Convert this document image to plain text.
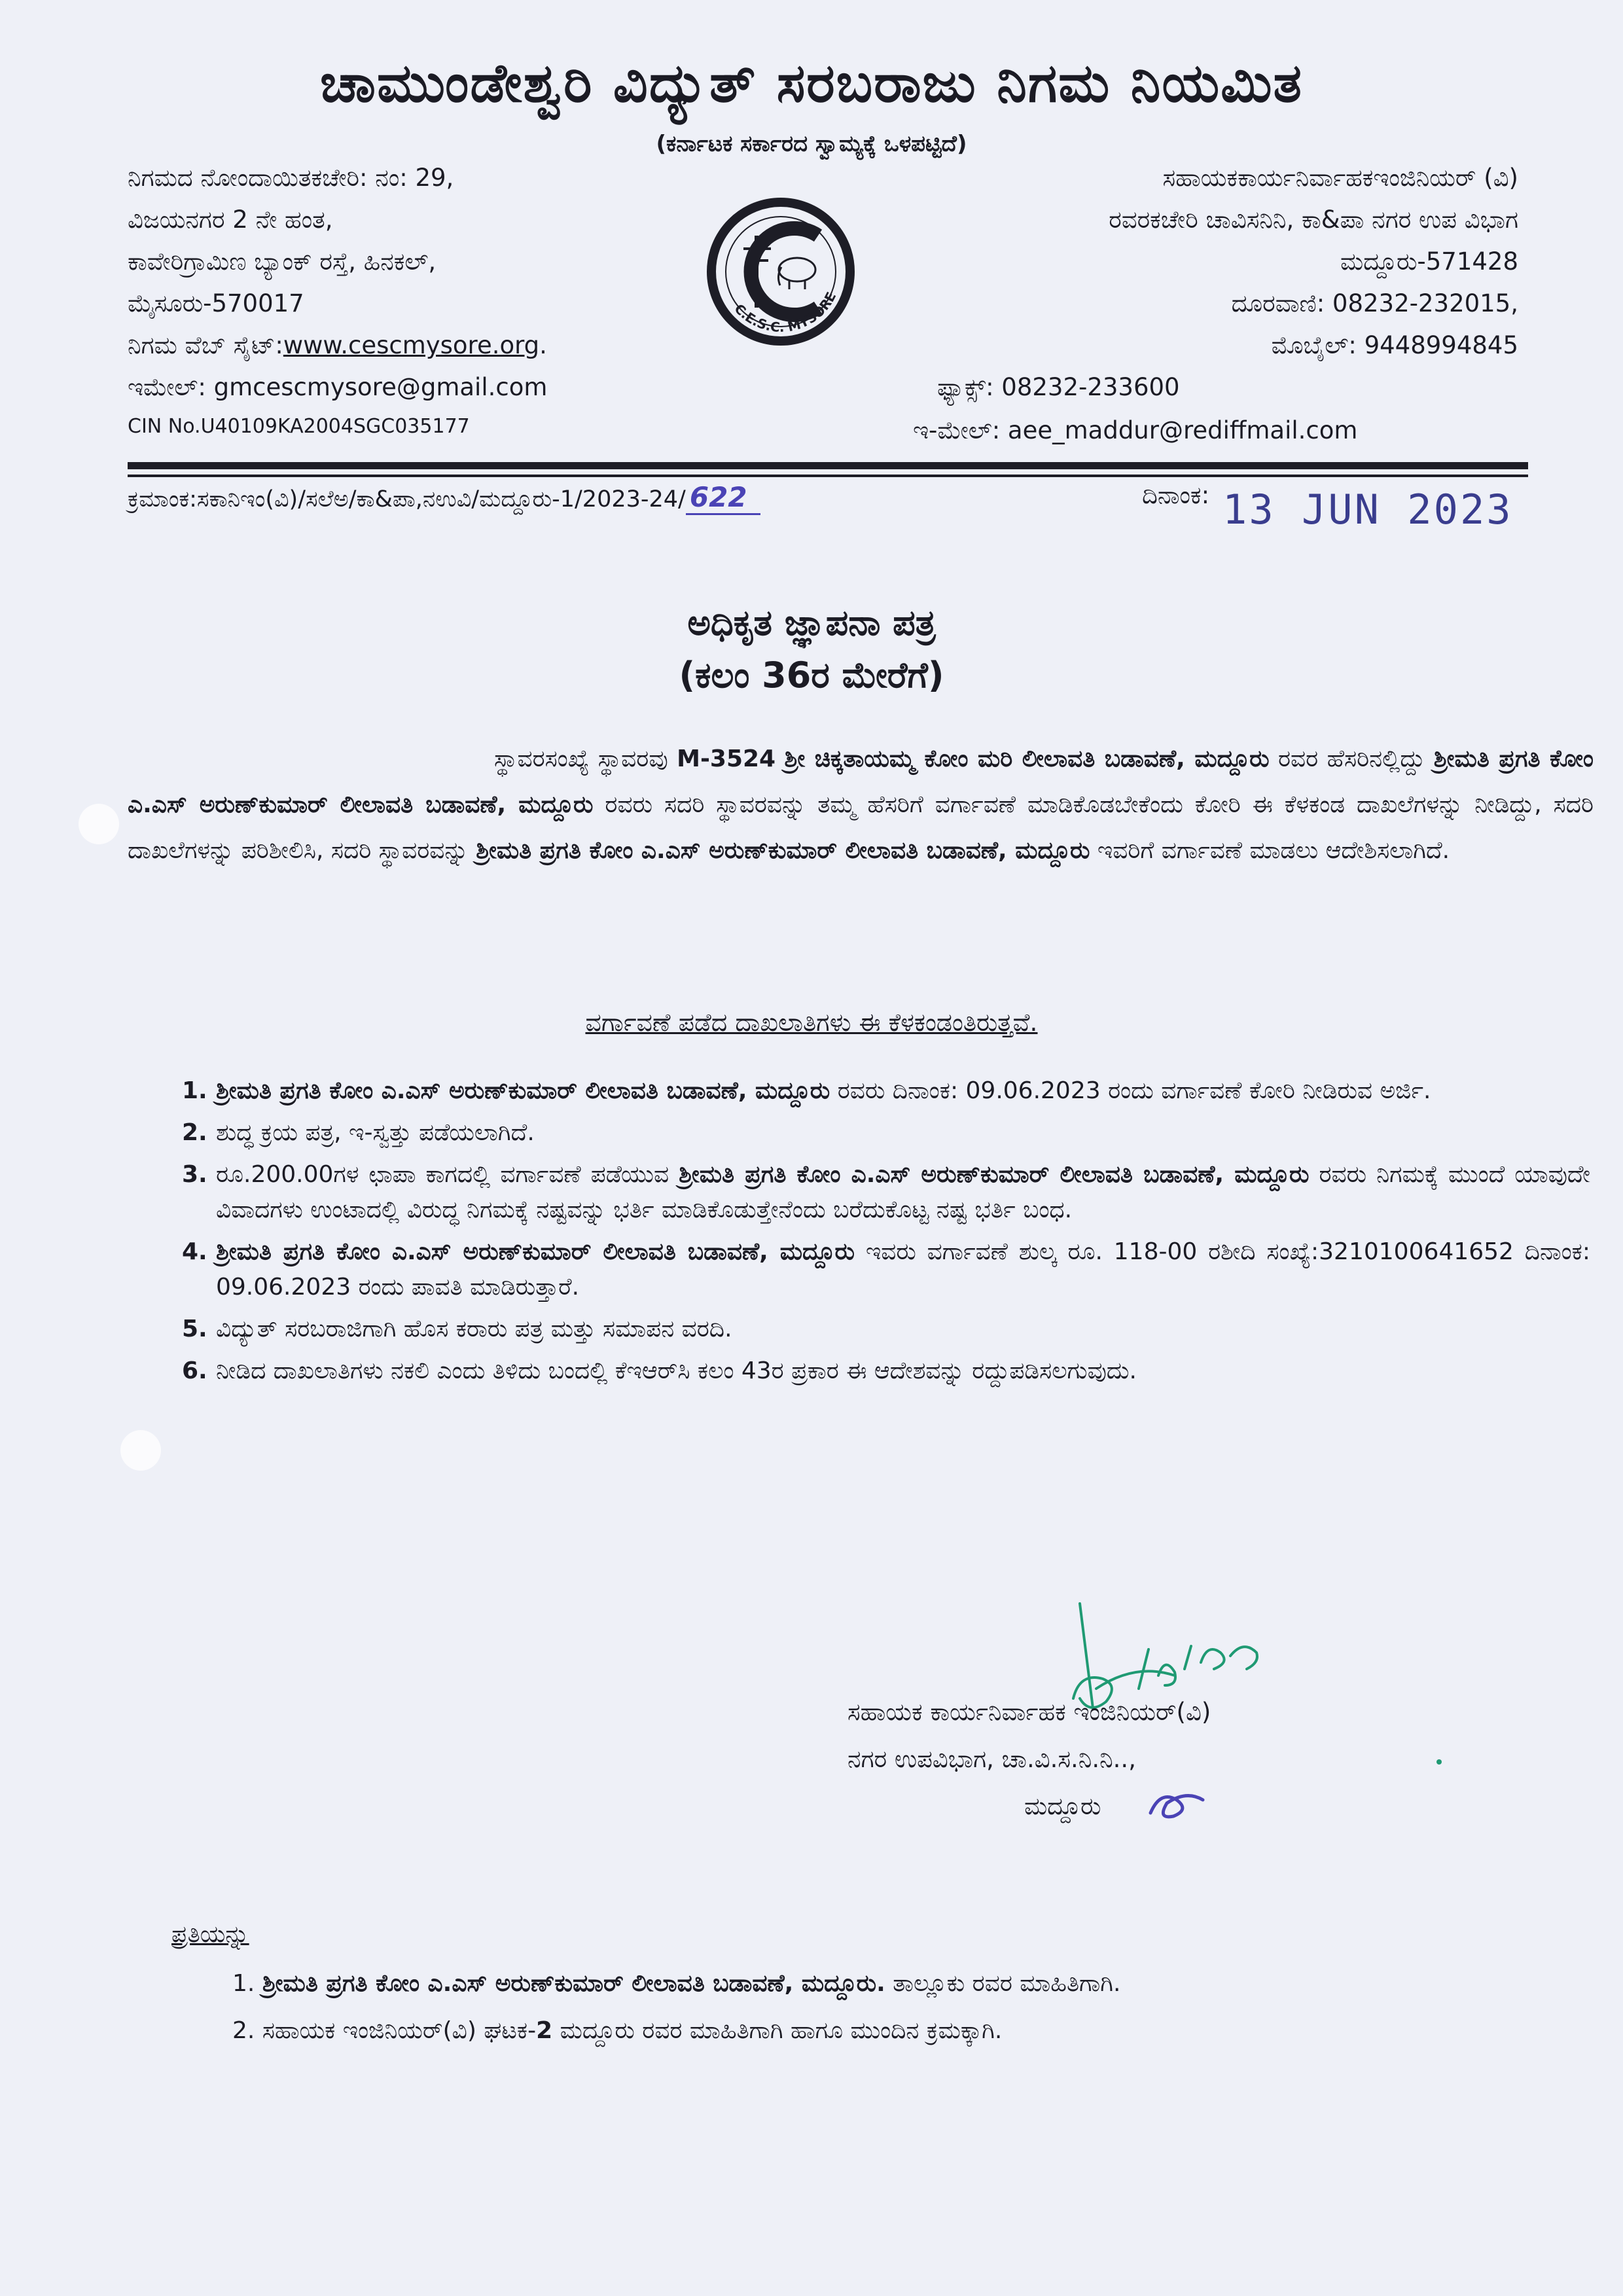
ಚಾಮುಂಡೇಶ್ವರಿ ವಿದ್ಯುತ್ ಸರಬರಾಜು ನಿಗಮ ನಿಯಮಿತ
(ಕರ್ನಾಟಕ ಸರ್ಕಾರದ ಸ್ವಾಮ್ಯಕ್ಕೆ ಒಳಪಟ್ಟಿದೆ)
ನಿಗಮದ ನೋಂದಾಯಿತಕಚೇರಿ: ನಂ: 29,
ವಿಜಯನಗರ 2 ನೇ ಹಂತ,
ಕಾವೇರಿಗ್ರಾಮಿಣ ಬ್ಯಾಂಕ್ ರಸ್ತೆ, ಹಿನಕಲ್,
ಮೈಸೂರು-570017
ನಿಗಮ ವೆಬ್ ಸೈಟ್:www.cescmysore.org.
ಇಮೇಲ್: gmcescmysore@gmail.com
CIN No.U40109KA2004SGC035177
C.E.S.C. MYSORE
ಸಹಾಯಕಕಾರ್ಯನಿರ್ವಾಹಕಇಂಜಿನಿಯರ್ (ವಿ)
ರವರಕಚೇರಿ ಚಾವಿಸನಿನಿ, ಕಾ&ಪಾ ನಗರ ಉಪ ವಿಭಾಗ
ಮದ್ದೂರು-571428
ದೂರವಾಣಿ: 08232-232015,
ಮೊಬೈಲ್: 9448994845
ಫ್ಯಾಕ್ಸ್: 08232-233600
ಇ-ಮೇಲ್: aee_maddur@rediffmail.com
ಕ್ರಮಾಂಕ:ಸಕಾನಿಇಂ(ವಿ)/ಸಲೆಅ/ಕಾ&ಪಾ,ನಉವಿ/ಮದ್ದೂರು-1/2023-24/ 622	ದಿನಾಂಕ: 13 JUN 2023
ಅಧಿಕೃತ ಜ್ಞಾಪನಾ ಪತ್ರ
(ಕಲಂ 36ರ ಮೇರೆಗೆ)

ಸ್ಥಾವರಸಂಖ್ಯೆ ಸ್ಥಾವರವು M-3524 ಶ್ರೀ ಚಿಕ್ಕತಾಯಮ್ಮ ಕೋಂ ಮರಿ ಲೀಲಾವತಿ ಬಡಾವಣೆ, ಮದ್ದೂರು ರವರ ಹೆಸರಿನಲ್ಲಿದ್ದು ಶ್ರೀಮತಿ ಪ್ರಗತಿ ಕೋಂ ಎ.ಎಸ್ ಅರುಣ್‌ಕುಮಾರ್ ಲೀಲಾವತಿ ಬಡಾವಣೆ, ಮದ್ದೂರು ರವರು ಸದರಿ ಸ್ಥಾವರವನ್ನು ತಮ್ಮ ಹೆಸರಿಗೆ ವರ್ಗಾವಣೆ ಮಾಡಿಕೊಡಬೇಕೆಂದು ಕೋರಿ ಈ ಕೆಳಕಂಡ ದಾಖಲೆಗಳನ್ನು ನೀಡಿದ್ದು, ಸದರಿ ದಾಖಲೆಗಳನ್ನು ಪರಿಶೀಲಿಸಿ, ಸದರಿ ಸ್ಥಾವರವನ್ನು ಶ್ರೀಮತಿ ಪ್ರಗತಿ ಕೋಂ ಎ.ಎಸ್ ಅರುಣ್‌ಕುಮಾರ್ ಲೀಲಾವತಿ ಬಡಾವಣೆ, ಮದ್ದೂರು ಇವರಿಗೆ ವರ್ಗಾವಣೆ ಮಾಡಲು ಆದೇಶಿಸಲಾಗಿದೆ.

ವರ್ಗಾವಣೆ ಪಡೆದ ದಾಖಲಾತಿಗಳು ಈ ಕೆಳಕಂಡಂತಿರುತ್ತವೆ.
1. ಶ್ರೀಮತಿ ಪ್ರಗತಿ ಕೋಂ ಎ.ಎಸ್ ಅರುಣ್‌ಕುಮಾರ್ ಲೀಲಾವತಿ ಬಡಾವಣೆ, ಮದ್ದೂರು ರವರು ದಿನಾಂಕ: 09.06.2023 ರಂದು ವರ್ಗಾವಣೆ ಕೋರಿ ನೀಡಿರುವ ಅರ್ಜಿ.
2. ಶುದ್ಧ ಕ್ರಯ ಪತ್ರ, ಇ-ಸ್ವತ್ತು ಪಡೆಯಲಾಗಿದೆ.
3. ರೂ.200.00ಗಳ ಛಾಪಾ ಕಾಗದಲ್ಲಿ ವರ್ಗಾವಣೆ ಪಡೆಯುವ ಶ್ರೀಮತಿ ಪ್ರಗತಿ ಕೋಂ ಎ.ಎಸ್ ಅರುಣ್‌ಕುಮಾರ್ ಲೀಲಾವತಿ ಬಡಾವಣೆ, ಮದ್ದೂರು ರವರು ನಿಗಮಕ್ಕೆ ಮುಂದೆ ಯಾವುದೇ ವಿವಾದಗಳು ಉಂಟಾದಲ್ಲಿ ವಿರುದ್ಧ ನಿಗಮಕ್ಕೆ ನಷ್ಟವನ್ನು ಭರ್ತಿ ಮಾಡಿಕೊಡುತ್ತೇನೆಂದು ಬರೆದುಕೊಟ್ಟ ನಷ್ಟ ಭರ್ತಿ ಬಂಧ.
4. ಶ್ರೀಮತಿ ಪ್ರಗತಿ ಕೋಂ ಎ.ಎಸ್ ಅರುಣ್‌ಕುಮಾರ್ ಲೀಲಾವತಿ ಬಡಾವಣೆ, ಮದ್ದೂರು ಇವರು ವರ್ಗಾವಣೆ ಶುಲ್ಕ ರೂ. 118-00 ರಶೀದಿ ಸಂಖ್ಯೆ:3210100641652 ದಿನಾಂಕ: 09.06.2023 ರಂದು ಪಾವತಿ ಮಾಡಿರುತ್ತಾರೆ.
5. ವಿದ್ಯುತ್ ಸರಬರಾಜಿಗಾಗಿ ಹೊಸ ಕರಾರು ಪತ್ರ ಮತ್ತು ಸಮಾಪನ ವರದಿ.
6. ನೀಡಿದ ದಾಖಲಾತಿಗಳು ನಕಲಿ ಎಂದು ತಿಳಿದು ಬಂದಲ್ಲಿ ಕೆಇಆರ್‌ಸಿ ಕಲಂ 43ರ ಪ್ರಕಾರ ಈ ಆದೇಶವನ್ನು ರದ್ದುಪಡಿಸಲಗುವುದು.
ಸಹಾಯಕ ಕಾರ್ಯನಿರ್ವಾಹಕ ಇಂಜಿನಿಯರ್(ವಿ)
ನಗರ ಉಪವಿಭಾಗ, ಚಾ.ವಿ.ಸ.ನಿ.ನಿ..,
ಮದ್ದೂರು
ಪ್ರತಿಯನ್ನು
1. ಶ್ರೀಮತಿ ಪ್ರಗತಿ ಕೋಂ ಎ.ಎಸ್ ಅರುಣ್‌ಕುಮಾರ್ ಲೀಲಾವತಿ ಬಡಾವಣೆ, ಮದ್ದೂರು. ತಾಲ್ಲೂಕು ರವರ ಮಾಹಿತಿಗಾಗಿ.
2. ಸಹಾಯಕ ಇಂಜಿನಿಯರ್(ವಿ) ಘಟಕ-2 ಮದ್ದೂರು ರವರ ಮಾಹಿತಿಗಾಗಿ ಹಾಗೂ ಮುಂದಿನ ಕ್ರಮಕ್ಕಾಗಿ.
